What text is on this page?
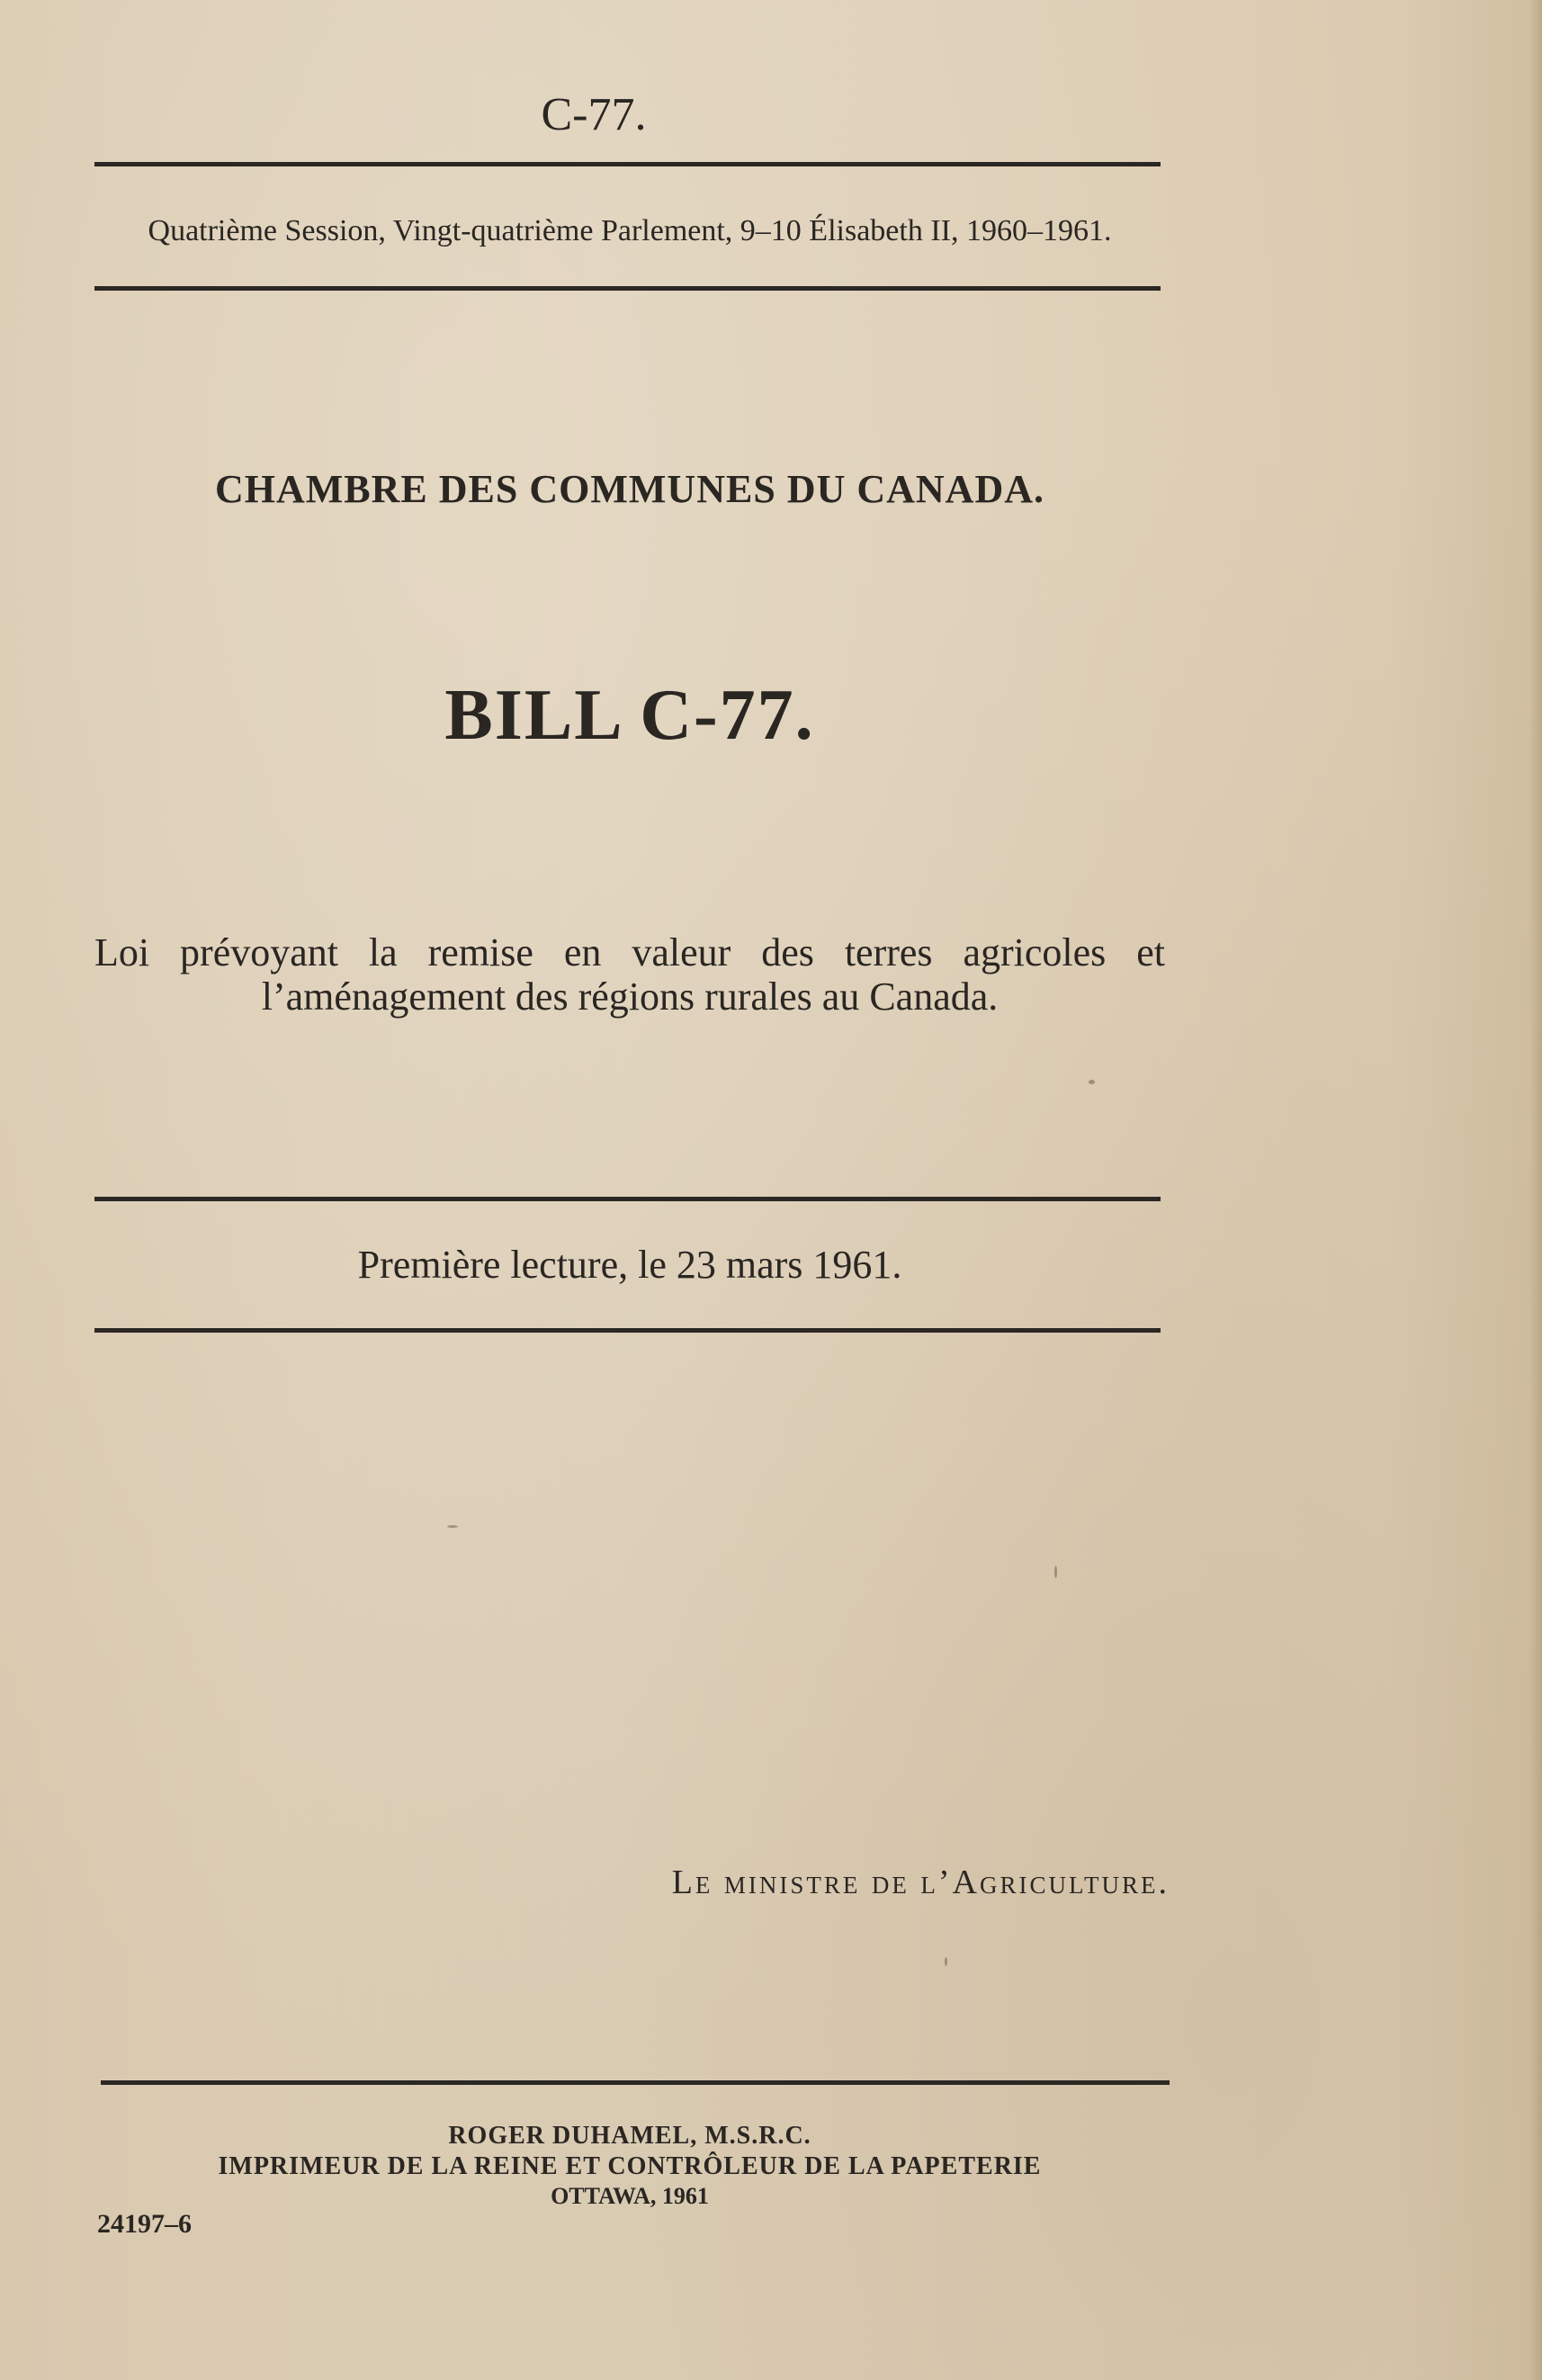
C-77.
Quatrième Session, Vingt-quatrième Parlement, 9–10 Élisabeth II, 1960–1961.
CHAMBRE DES COMMUNES DU CANADA.
BILL C-77.
Loi prévoyant la remise en valeur des terres agricoles et
l’aménagement des régions rurales au Canada.
Première lecture, le 23 mars 1961.
Le ministre de l’Agriculture.
ROGER DUHAMEL, M.S.R.C.
IMPRIMEUR DE LA REINE ET CONTRÔLEUR DE LA PAPETERIE
OTTAWA, 1961
24197–6
